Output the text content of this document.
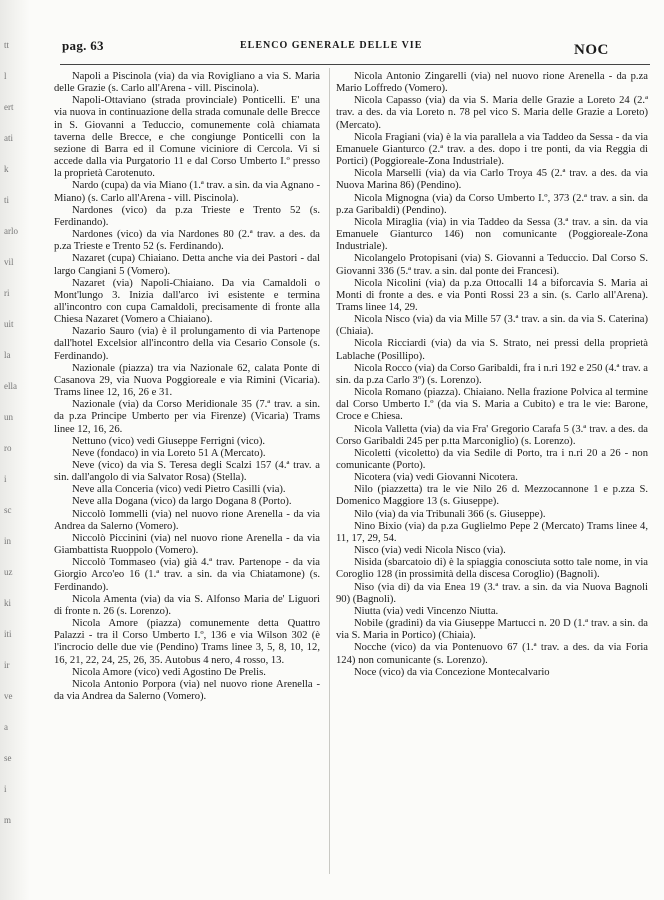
tt
l
ert
ati
k
ti
arlo
vil
ri
uit
la
ella
un
ro
i
sc
in
uz
ki
iti
ir
ve
a
se
i
m
pag. 63	ELENCO GENERALE DELLE VIE	NOC

Napoli a Piscinola (via) da via Roviglianо a via S. Maria delle Grazie (s. Carlo all'Arena - vill. Piscinola).

Napoli-Ottaviano (strada provinciale) Ponticelli. E' una via nuova in continuazione della strada comunale delle Brecce in S. Giovanni a Teduccio, comunemente colà chiamata taverna delle Brecce, e che congiunge Ponticelli con la sezione di Barra ed il Comune viciniore di Cercola. Vi si accede dalla via Purgatorio 11 e dal Corso Umberto I.º presso la proprietà Carotenuto.

Nardo (cupa) da via Miano (1.ª trav. a sin. da via Agnano - Miano) (s. Carlo all'Arena - vill. Piscinola).

Nardones (vico) da p.za Trieste e Trento 52 (s. Ferdinando).

Nardones (vico) da via Nardones 80 (2.ª trav. a des. da p.za Trieste e Trento 52 (s. Ferdinando).

Nazaret (cupa) Chiaiano. Detta anche via dei Pastori - dal largo Cangiani 5 (Vomero).

Nazaret (via) Napoli-Chiaiano. Da via Camaldoli o Mont'lungo 3. Inizia dall'arco ivi esistente e termina all'incontro con cupa Camaldoli, precisamente di fronte alla Chiesa Nazaret (Vomero a Chiaiano).

Nazario Sauro (via) è il prolungamento di via Partenope dall'hotel Excelsior all'incontro della via Cesario Console (s. Ferdinando).

Nazionale (piazza) tra via Nazionale 62, calata Ponte di Casanova 29, via Nuova Poggioreale e via Rimini (Vicaria). Trams linee 12, 16, 26 e 31.

Nazionale (via) da Corso Meridionale 35 (7.ª trav. a sin. da p.za Principe Umberto per via Firenze) (Vicaria) Trams linee 12, 16, 26.

Nettuno (vico) vedi Giuseppe Ferrigni (vico).

Neve (fondaco) in via Loreto 51 A (Mercato).

Neve (vico) da via S. Teresa degli Scalzi 157 (4.ª trav. a sin. dall'angolo di via Salvator Rosa) (Stella).

Neve alla Conceria (vico) vedi Pietro Casilli (via).

Neve alla Dogana (vico) da largo Dogana 8 (Porto).

Niccolò Iommelli (via) nel nuovo rione Arenella - da via Andrea da Salerno (Vomero).

Niccolò Piccinini (via) nel nuovo rione Arenella - da via Giambattista Ruoppolo (Vomero).

Niccolò Tommaseo (via) già 4.ª trav. Partenope - da via Giorgio Arco'eo 16 (1.ª trav. a sin. da via Chiatamone) (s. Ferdinando).

Nicola Amenta (via) da via S. Alfonso Maria de' Liguori di fronte n. 26 (s. Lorenzo).

Nicola Amore (piazza) comunemente detta Quattro Palazzi - tra il Corso Umberto I.º, 136 e via Wilson 302 (è l'incrocio delle due vie (Pendino) Trams linee 3, 5, 8, 10, 12, 16, 21, 22, 24, 25, 26, 35. Autobus 4 nero, 4 rosso, 13.

Nicola Amore (vico) vedi Agostino De Prelis.

Nicola Antonio Porpora (via) nel nuovo rione Arenella - da via Andrea da Salerno (Vomero).

Nicola Antonio Zingarelli (via) nel nuovo rione Arenella - da p.za Mario Loffredo (Vomero).

Nicola Capasso (via) da via S. Maria delle Grazie a Loreto 24 (2.ª trav. a des. da via Loreto n. 78 pel vico S. Maria delle Grazie a Loreto) (Mercato).

Nicola Fragiani (via) è la via parallela a via Taddeo da Sessa - da via Emanuele Gianturco (2.ª trav. a des. dopo i tre ponti, da via Reggia di Portici) (Poggioreale-Zona Industriale).

Nicola Marselli (via) da via Carlo Troya 45 (2.ª trav. a des. da via Nuova Marina 86) (Pendino).

Nicola Mignogna (via) da Corso Umberto I.º, 373 (2.ª trav. a sin. da p.za Garibaldi) (Pendino).

Nicola Miraglia (via) in via Taddeo da Sessa (3.ª trav. a sin. da via Emanuele Gianturco 146) non comunicante (Poggioreale-Zona Industriale).

Nicolangelo Protopisani (via) S. Giovanni a Teduccio. Dal Corso S. Giovanni 336 (5.ª trav. a sin. dal ponte dei Francesi).

Nicola Nicolini (via) da p.za Ottocalli 14 a biforcavia S. Maria ai Monti di fronte a des. e via Ponti Rossi 23 a sin. (s. Carlo all'Arena). Trams linee 14, 29.

Nicola Nisco (via) da via Mille 57 (3.ª trav. a sin. da via S. Caterina) (Chiaia).

Nicola Ricciardi (via) da via S. Strato, nei pressi della proprietà Lablache (Posillipo).

Nicola Rocco (via) da Corso Garibaldi, fra i n.ri 192 e 250 (4.ª trav. a sin. da p.za Carlo 3º) (s. Lorenzo).

Nicola Romano (piazza). Chiaiano. Nella frazione Polvica al termine dal Corso Umberto I.º (da via S. Maria a Cubito) e tra le vie: Barone, Croce e Chiesa.

Nicola Valletta (via) da via Fra' Gregorio Carafa 5 (3.ª trav. a des. da Corso Garibaldi 245 per p.tta Marconiglio) (s. Lorenzo).

Nicoletti (vicoletto) da via Sedile di Porto, tra i n.ri 20 a 26 - non comunicante (Porto).

Nicotera (via) vedi Giovanni Nicotera.

Nilo (piazzetta) tra le vie Nilo 26 d. Mezzocannone 1 e p.zza S. Domenico Maggiore 13 (s. Giuseppe).

Nilo (via) da via Tribunali 366 (s. Giuseppe).

Nino Bixio (via) da p.za Guglielmo Pepe 2 (Mercato) Trams linee 4, 11, 17, 29, 54.

Nisco (via) vedi Nicola Nisco (via).

Nisida (sbarcatoio di) è la spiaggia conosciuta sotto tale nome, in via Coroglio 128 (in prossimità della discesa Coroglio) (Bagnoli).

Niso (via di) da via Enea 19 (3.ª trav. a sin. da via Nuova Bagnoli 90) (Bagnoli).

Niutta (via) vedi Vincenzo Niutta.

Nobile (gradini) da via Giuseppe Martucci n. 20 D (1.ª trav. a sin. da via S. Maria in Portico) (Chiaia).

Nocche (vico) da via Pontenuovo 67 (1.ª trav. a des. da via Foria 124) non comunicante (s. Lorenzo).

Noce (vico) da via Concezione Montecalvario
